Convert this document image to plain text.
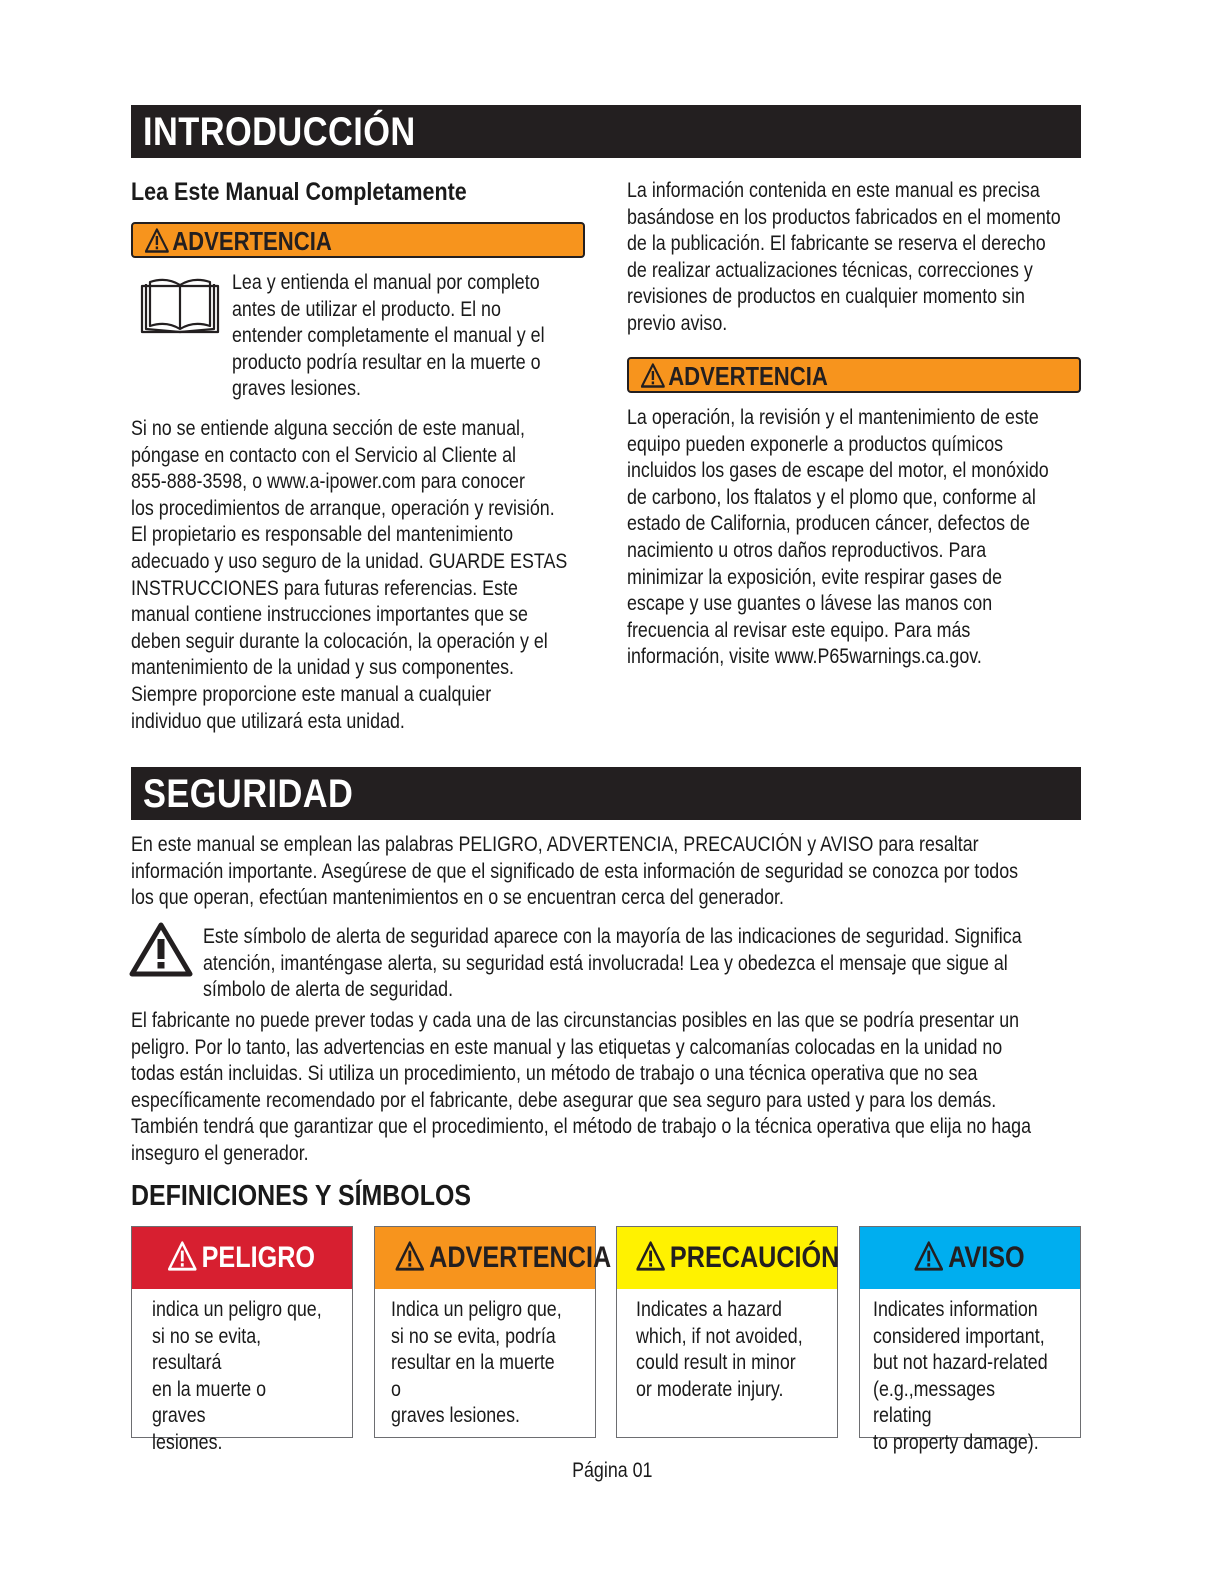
INTRODUCCIÓN

Lea Este Manual Completamente

ADVERTENCIA

Lea y entienda el manual por completo
antes de utilizar el producto. El no
entender completamente el manual y el
producto podría resultar en la muerte o
graves lesiones.

Si no se entiende alguna sección de este manual,
póngase en contacto con el Servicio al Cliente al
855-888-3598, o www.a-ipower.com para conocer
los procedimientos de arranque, operación y revisión.
El propietario es responsable del mantenimiento
adecuado y uso seguro de la unidad. GUARDE ESTAS
INSTRUCCIONES para futuras referencias. Este
manual contiene instrucciones importantes que se
deben seguir durante la colocación, la operación y el
mantenimiento de la unidad y sus componentes.
Siempre proporcione este manual a cualquier
individuo que utilizará esta unidad.

La información contenida en este manual es precisa
basándose en los productos fabricados en el momento
de la publicación. El fabricante se reserva el derecho
de realizar actualizaciones técnicas, correcciones y
revisiones de productos en cualquier momento sin
previo aviso.

ADVERTENCIA

La operación, la revisión y el mantenimiento de este
equipo pueden exponerle a productos químicos
incluidos los gases de escape del motor, el monóxido
de carbono, los ftalatos y el plomo que, conforme al
estado de California, producen cáncer, defectos de
nacimiento u otros daños reproductivos. Para
minimizar la exposición, evite respirar gases de
escape y use guantes o lávese las manos con
frecuencia al revisar este equipo. Para más
información, visite www.P65warnings.ca.gov.

SEGURIDAD

En este manual se emplean las palabras PELIGRO, ADVERTENCIA, PRECAUCIÓN y AVISO para resaltar
información importante. Asegúrese de que el significado de esta información de seguridad se conozca por todos
los que operan, efectúan mantenimientos en o se encuentran cerca del generador.

Este símbolo de alerta de seguridad aparece con la mayoría de las indicaciones de seguridad. Significa
atención, imanténgase alerta, su seguridad está involucrada! Lea y obedezca el mensaje que sigue al
símbolo de alerta de seguridad.

El fabricante no puede prever todas y cada una de las circunstancias posibles en las que se podría presentar un
peligro. Por lo tanto, las advertencias en este manual y las etiquetas y calcomanías colocadas en la unidad no
todas están incluidas. Si utiliza un procedimiento, un método de trabajo o una técnica operativa que no sea
específicamente recomendado por el fabricante, debe asegurar que sea seguro para usted y para los demás.
También tendrá que garantizar que el procedimiento, el método de trabajo o la técnica operativa que elija no haga
inseguro el generador.

DEFINICIONES Y SÍMBOLOS

PELIGRO

indica un peligro que,
si no se evita, resultará
en la muerte o graves
lesiones.

ADVERTENCIA

Indica un peligro que,
si no se evita, podría
resultar en la muerte o
graves lesiones.

PRECAUCIÓN

Indicates a hazard
which, if not avoided,
could result in minor
or moderate injury.

AVISO

Indicates information
considered important,
but not hazard-related
(e.g.,messages relating
to property damage).

Página 01
